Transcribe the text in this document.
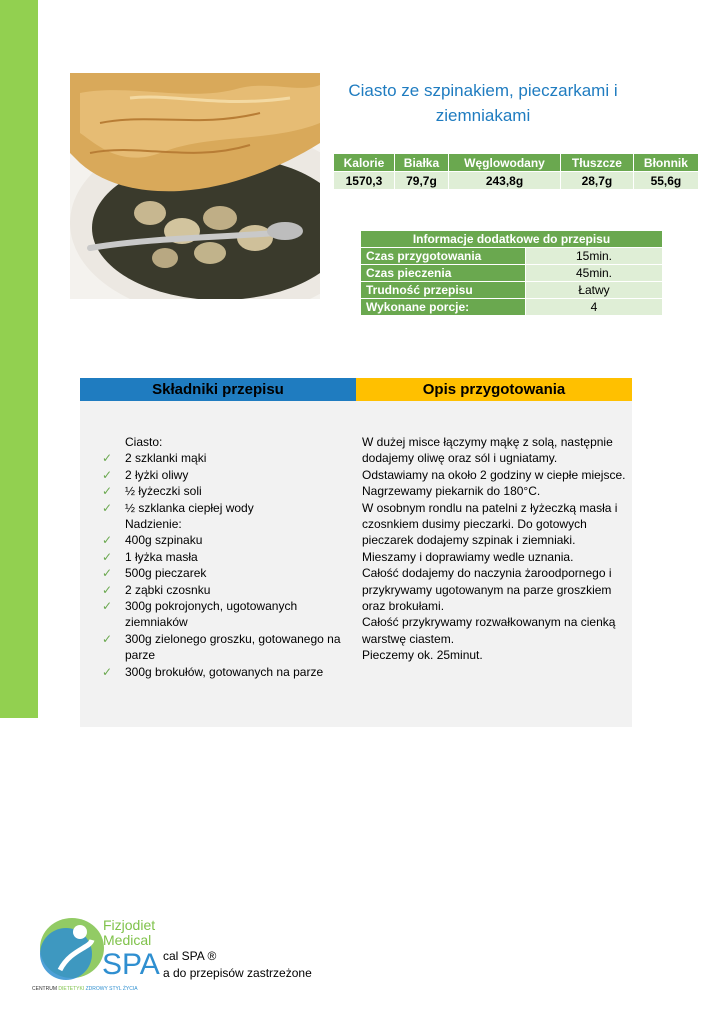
Ciasto ze szpinakiem, pieczarkami i ziemniakami
Kalorie	Białka	Węglowodany	Tłuszcze	Błonnik
1570,3	79,7g	243,8g	28,7g	55,6g
Informacje dodatkowe do przepisu	
Czas przygotowania	15min.
Czas pieczenia	45min.
Trudność przepisu	Łatwy
Wykonane porcje:	4
Składniki przepisu	Opis przygotowania
Ciasto:
✓ 2 szklanki mąki
✓ 2 łyżki oliwy
✓ ½ łyżeczki soli
✓ ½ szklanka ciepłej wody
Nadzienie:
✓ 400g szpinaku
✓ 1 łyżka masła
✓ 500g pieczarek
✓ 2 ząbki czosnku
✓ 300g pokrojonych, ugotowanych ziemniaków
✓ 300g zielonego groszku, gotowanego na parze
✓ 300g brokułów, gotowanych na parze

W dużej misce łączymy mąkę z solą, następnie dodajemy oliwę oraz sól i ugniatamy.

Odstawiamy na około 2 godziny w ciepłe miejsce.

Nagrzewamy piekarnik do 180°C.

W osobnym rondlu na patelni z łyżeczką masła i czosnkiem dusimy pieczarki. Do gotowych pieczarek dodajemy szpinak i ziemniaki.

Mieszamy i doprawiamy wedle uznania.

Całość dodajemy do naczynia żaroodpornego i przykrywamy ugotowanym na parze groszkiem oraz brokułami.

Całość przykrywamy rozwałkowanym na cienką warstwę ciastem.

Pieczemy ok. 25minut.

Fizjodiet
Medical
SPA
CENTRUM DIETETYKI ZDROWY STYL ŻYCIA
cal SPA ®
a do przepisów zastrzeżone
